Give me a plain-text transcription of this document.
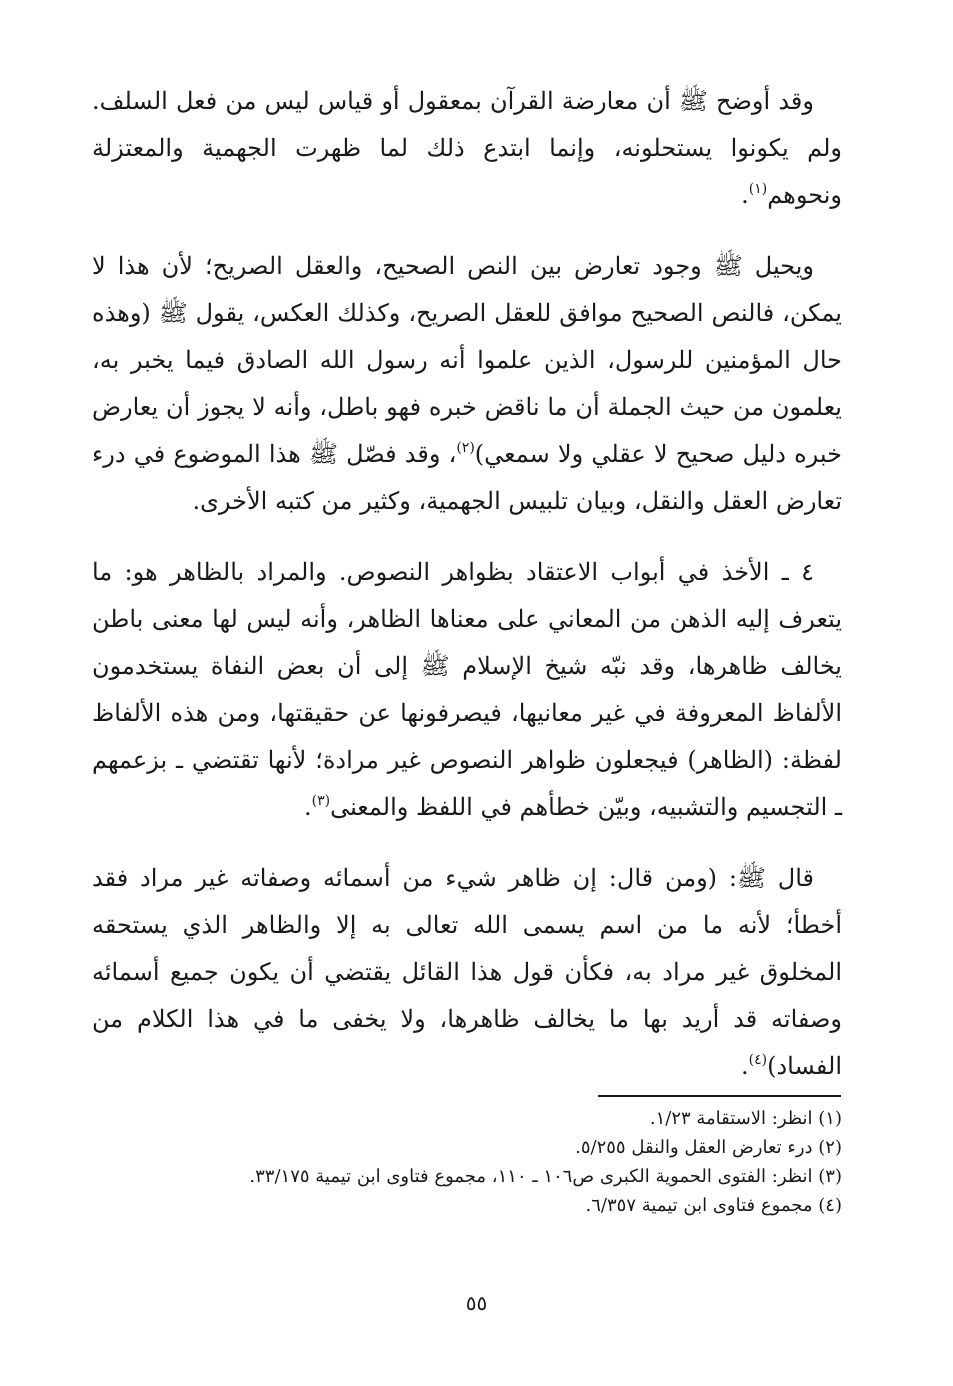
وقد أوضح ﷺ أن معارضة القرآن بمعقول أو قياس ليس من فعل السلف. ولم يكونوا يستحلونه، وإنما ابتدع ذلك لما ظهرت الجهمية والمعتزلة ونحوهم$^{(١)}$.

ويحيل ﷺ وجود تعارض بين النص الصحيح، والعقل الصريح؛ لأن هذا لا يمكن، فالنص الصحيح موافق للعقل الصريح، وكذلك العكس، يقول ﷺ (وهذه حال المؤمنين للرسول، الذين علموا أنه رسول الله الصادق فيما يخبر به، يعلمون من حيث الجملة أن ما ناقض خبره فهو باطل، وأنه لا يجوز أن يعارض خبره دليل صحيح لا عقلي ولا سمعي)$^{(٢)}$، وقد فصّل ﷺ هذا الموضوع في درء تعارض العقل والنقل، وبيان تلبيس الجهمية، وكثير من كتبه الأخرى.

٤ ـ الأخذ في أبواب الاعتقاد بظواهر النصوص. والمراد بالظاهر هو: ما يتعرف إليه الذهن من المعاني على معناها الظاهر، وأنه ليس لها معنى باطن يخالف ظاهرها، وقد نبّه شيخ الإسلام ﷺ إلى أن بعض النفاة يستخدمون الألفاظ المعروفة في غير معانيها، فيصرفونها عن حقيقتها، ومن هذه الألفاظ لفظة: (الظاهر) فيجعلون ظواهر النصوص غير مرادة؛ لأنها تقتضي ـ بزعمهم ـ التجسيم والتشبيه، وبيّن خطأهم في اللفظ والمعنى$^{(٣)}$.

قال ﷺ: (ومن قال: إن ظاهر شيء من أسمائه وصفاته غير مراد فقد أخطأ؛ لأنه ما من اسم يسمى الله تعالى به إلا والظاهر الذي يستحقه المخلوق غير مراد به، فكأن قول هذا القائل يقتضي أن يكون جميع أسمائه وصفاته قد أريد بها ما يخالف ظاهرها، ولا يخفى ما في هذا الكلام من الفساد)$^{(٤)}$.

(١) انظر: الاستقامة ١/٢٣.
(٢) درء تعارض العقل والنقل ٥/٢٥٥.
(٣) انظر: الفتوى الحموية الكبرى ص١٠٦ ـ ١١٠، مجموع فتاوى ابن تيمية ٣٣/١٧٥.
(٤) مجموع فتاوى ابن تيمية ٦/٣٥٧.
٥٥
